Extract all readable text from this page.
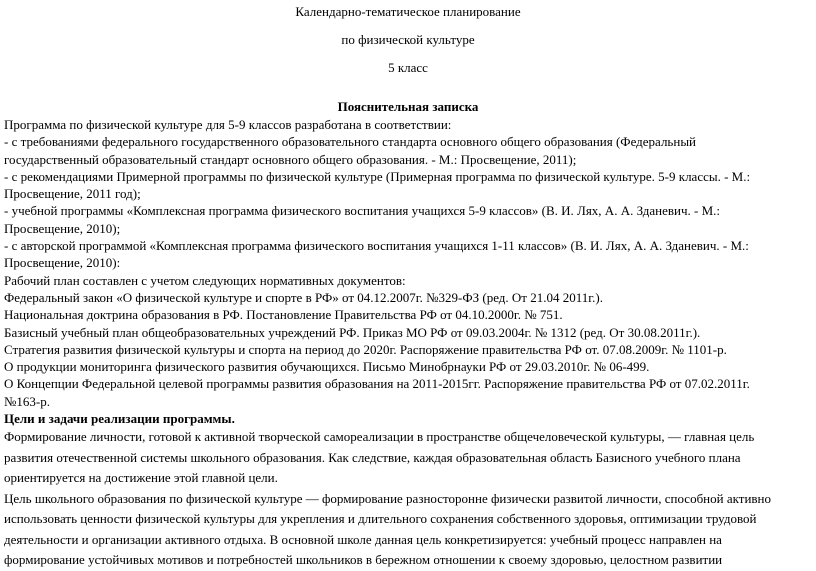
Календарно-тематическое планирование
по физической культуре
5 класс
Пояснительная записка
Программа по физической культуре для 5-9 классов разработана в соответствии:
- с требованиями федерального государственного образовательного стандарта основного общего образования (Федеральный
государственный образовательный стандарт основного общего образования. - М.: Просвещение, 2011);
- с рекомендациями Примерной программы по физической культуре (Примерная программа по физической культуре. 5-9 классы. - М.:
Просвещение, 2011 год);
- учебной программы «Комплексная программа физического воспитания учащихся 5-9 классов» (В. И. Лях, А. А. Зданевич. - М.:
Просвещение, 2010);
- с авторской программой «Комплексная программа физического воспитания учащихся 1-11 классов» (В. И. Лях, А. А. Зданевич. - М.:
Просвещение, 2010):
Рабочий план составлен с учетом следующих нормативных документов:
Федеральный закон «О физической культуре и спорте в РФ» от 04.12.2007г. №329-ФЗ (ред. От 21.04 2011г.).
Национальная доктрина образования в РФ. Постановление Правительства РФ от 04.10.2000г. № 751.
Базисный учебный план общеобразовательных учреждений РФ. Приказ МО РФ от 09.03.2004г. № 1312 (ред. От 30.08.2011г.).
Стратегия развития физической культуры и спорта на период до 2020г. Распоряжение правительства РФ от. 07.08.2009г. № 1101-р.
О продукции мониторинга физического развития обучающихся. Письмо Минобрнауки РФ от 29.03.2010г. № 06-499.
О Концепции Федеральной целевой программы развития образования на 2011-2015гг. Распоряжение правительства РФ от 07.02.2011г.
№163-р.
Цели и задачи реализации программы.
Формирование личности, готовой к активной творческой самореализации в пространстве общечеловеческой культуры, — главная цель
развития отечественной системы школьного образования. Как следствие, каждая образовательная область Базисного учебного плана
ориентируется на достижение этой главной цели.
Цель школьного образования по физической культуре — формирование разносторонне физически развитой личности, способной активно
использовать ценности физической культуры для укрепления и длительного сохранения собственного здоровья, оптимизации трудовой
деятельности и организации активного отдыха. В основной школе данная цель конкретизируется: учебный процесс направлен на
формирование устойчивых мотивов и потребностей школьников в бережном отношении к своему здоровью, целостном развитии
